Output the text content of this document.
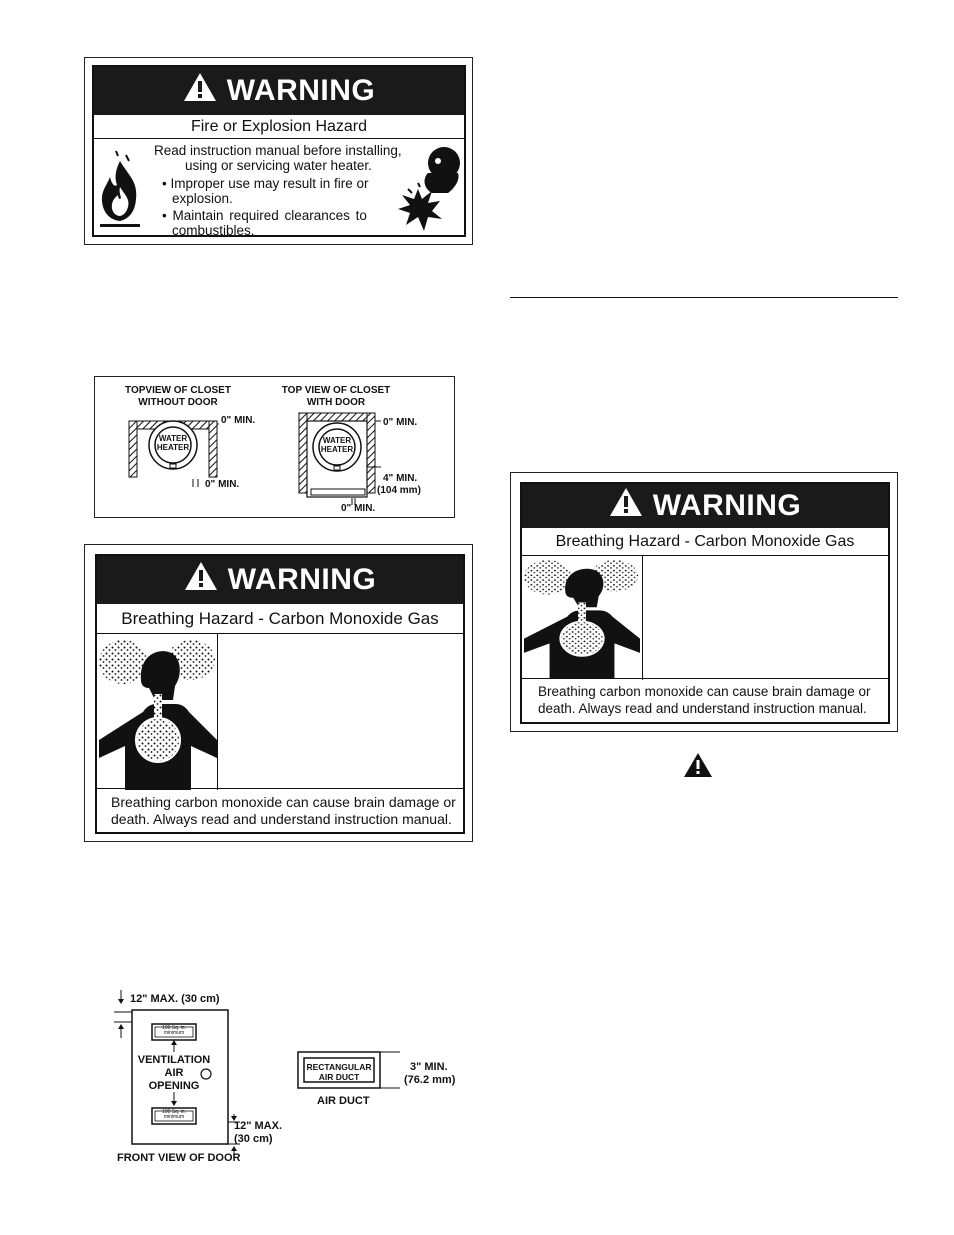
WARNING
Fire or Explosion Hazard
Read instruction manual before installing,
using or servicing water heater.
• Improper use may result in fire or
explosion.
• Maintain required clearances to
combustibles.
TOPVIEW OF CLOSET
WITHOUT DOOR
TOP VIEW OF CLOSET
WITH DOOR
WATER
HEATER
WATER
HEATER
0" MIN.
0" MIN.
0" MIN.
4" MIN.
(104 mm)
0" MIN.
WARNING
Breathing Hazard - Carbon Monoxide Gas
Breathing carbon monoxide can cause brain damage or
death. Always read and understand instruction manual.
12" MAX. (30 cm)
100 Sq. in. minimum
VENTILATION
AIR
OPENING
100 Sq. in. minimum
12" MAX.
(30 cm)
FRONT VIEW OF DOOR
RECTANGULAR
AIR DUCT
3" MIN.
(76.2 mm)
AIR DUCT
WARNING
Breathing Hazard - Carbon Monoxide Gas
Breathing carbon monoxide can cause brain damage or
death. Always read and understand instruction manual.
